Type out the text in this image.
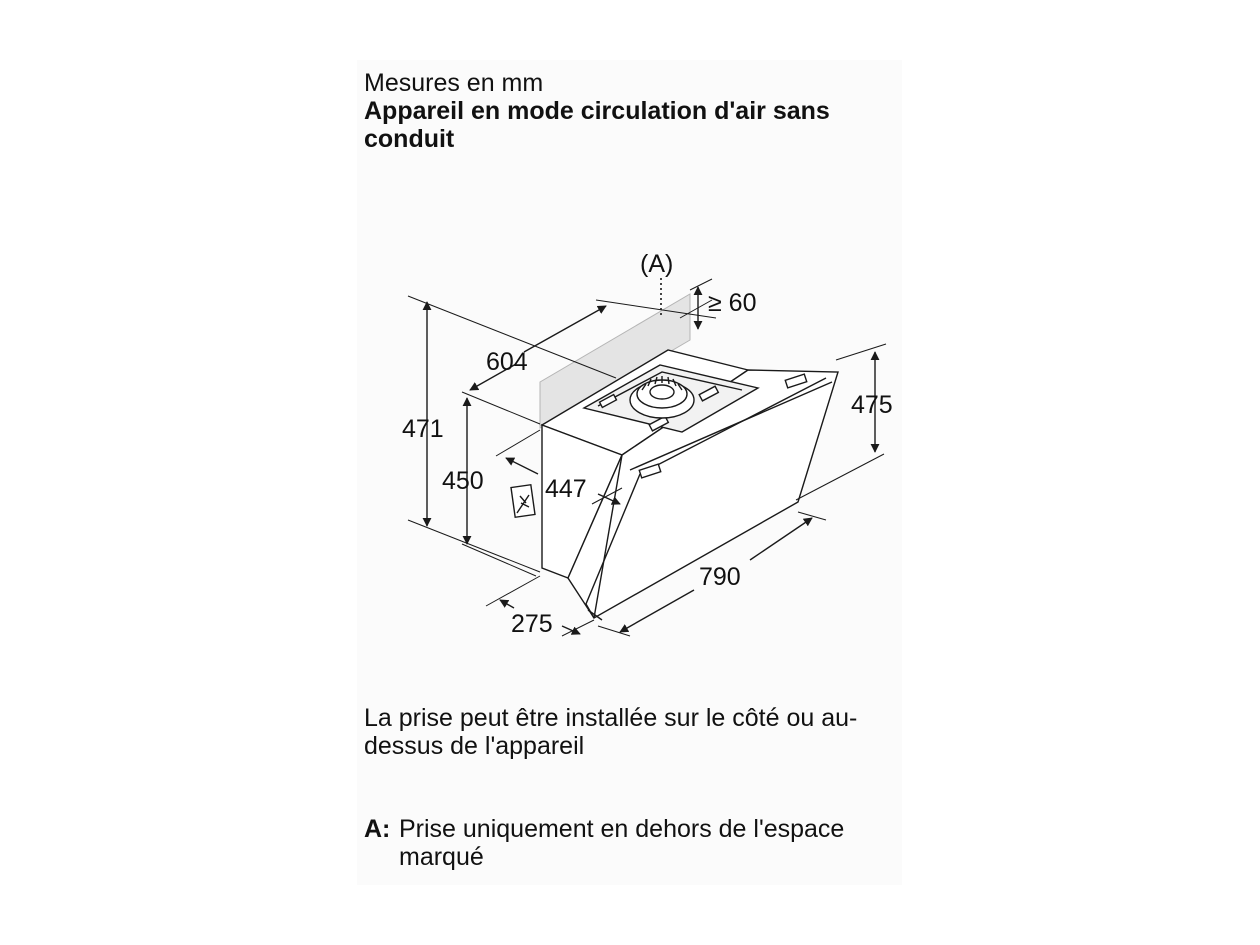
Mesures en mm

Appareil en mode circulation d'air sans conduit

(A)
≥ 60
604
471
450 447
475
790
275

La prise peut être installée sur le côté ou au-dessus de l'appareil

A: Prise uniquement en dehors de l'espace marqué
